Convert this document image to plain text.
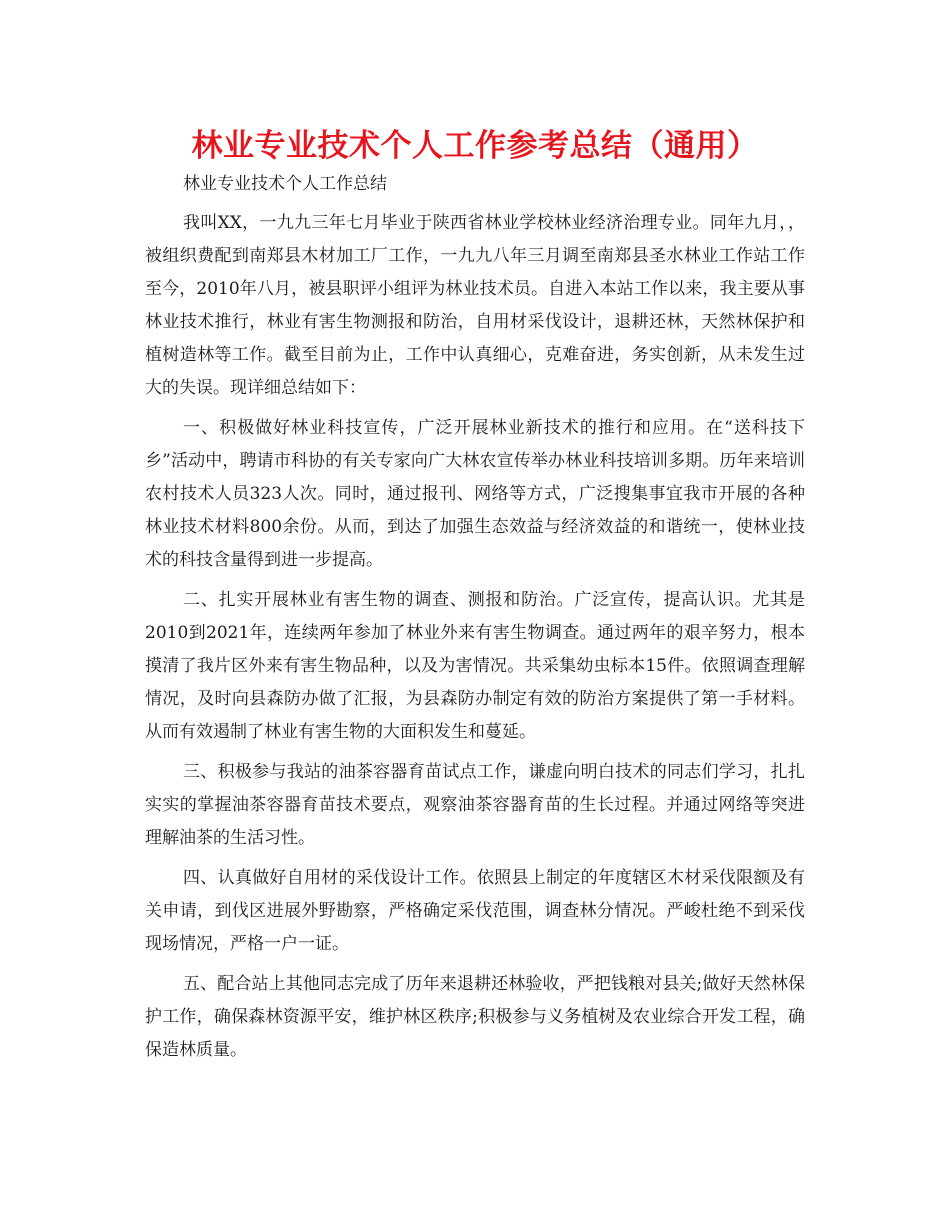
林业专业技术个人工作参考总结（通用）

林业专业技术个人工作总结

我叫XX，一九九三年七月毕业于陕西省林业学校林业经济治理专业。同年九月，，被组织费配到南郑县木材加工厂工作，一九九八年三月调至南郑县圣水林业工作站工作至今，2010年八月，被县职评小组评为林业技术员。自进入本站工作以来，我主要从事林业技术推行，林业有害生物测报和防治，自用材采伐设计，退耕还林，天然林保护和植树造林等工作。截至目前为止，工作中认真细心，克难奋进，务实创新，从未发生过大的失误。现详细总结如下：

一、积极做好林业科技宣传，广泛开展林业新技术的推行和应用。在“送科技下乡”活动中，聘请市科协的有关专家向广大林农宣传举办林业科技培训多期。历年来培训农村技术人员323人次。同时，通过报刊、网络等方式，广泛搜集事宜我市开展的各种林业技术材料800余份。从而，到达了加强生态效益与经济效益的和谐统一，使林业技术的科技含量得到进一步提高。

二、扎实开展林业有害生物的调查、测报和防治。广泛宣传，提高认识。尤其是2010到2021年，连续两年参加了林业外来有害生物调查。通过两年的艰辛努力，根本摸清了我片区外来有害生物品种，以及为害情况。共采集幼虫标本15件。依照调查理解情况，及时向县森防办做了汇报，为县森防办制定有效的防治方案提供了第一手材料。从而有效遏制了林业有害生物的大面积发生和蔓延。

三、积极参与我站的油茶容器育苗试点工作，谦虚向明白技术的同志们学习，扎扎实实的掌握油茶容器育苗技术要点，观察油茶容器育苗的生长过程。并通过网络等突进理解油茶的生活习性。

四、认真做好自用材的采伐设计工作。依照县上制定的年度辖区木材采伐限额及有关申请，到伐区进展外野勘察，严格确定采伐范围，调查林分情况。严峻杜绝不到采伐现场情况，严格一户一证。

五、配合站上其他同志完成了历年来退耕还林验收，严把钱粮对县关;做好天然林保护工作，确保森林资源平安，维护林区秩序;积极参与义务植树及农业综合开发工程，确保造林质量。
